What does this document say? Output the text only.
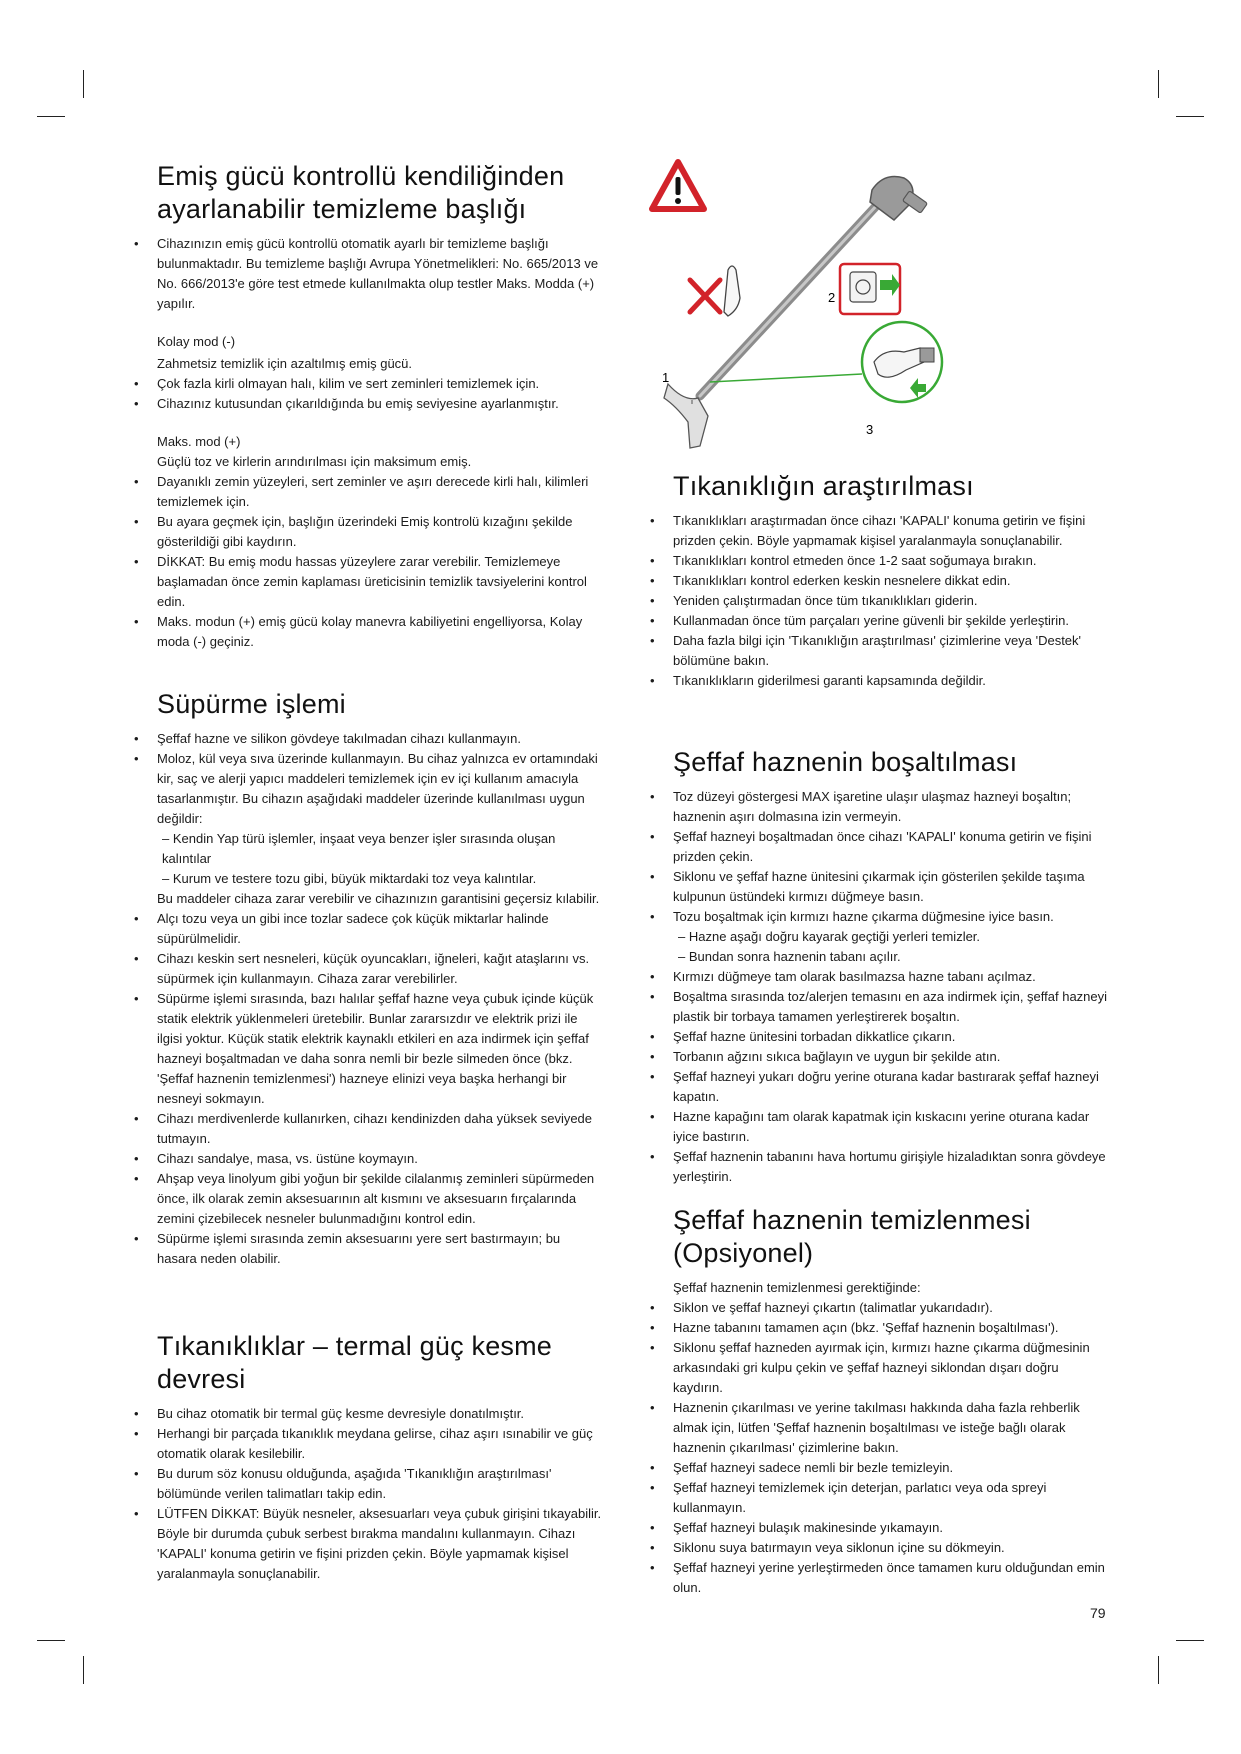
Emiş gücü kontrollü kendiliğinden ayarlanabilir temizleme başlığı
• Cihazınızın emiş gücü kontrollü otomatik ayarlı bir temizleme başlığı bulunmaktadır. Bu temizleme başlığı Avrupa Yönetmelikleri: No. 665/2013 ve No. 666/2013'e göre test etmede kullanılmakta olup testler Maks. Modda (+) yapılır.

Kolay mod (-)

Zahmetsiz temizlik için azaltılmış emiş gücü.

• Çok fazla kirli olmayan halı, kilim ve sert zeminleri temizlemek için.
• Cihazınız kutusundan çıkarıldığında bu emiş seviyesine ayarlanmıştır.

Maks. mod (+)

Güçlü toz ve kirlerin arındırılması için maksimum emiş.

• Dayanıklı zemin yüzeyleri, sert zeminler ve aşırı derecede kirli halı, kilimleri temizlemek için.
• Bu ayara geçmek için, başlığın üzerindeki Emiş kontrolü kızağını şekilde gösterildiği gibi kaydırın.
• DİKKAT: Bu emiş modu hassas yüzeylere zarar verebilir. Temizlemeye başlamadan önce zemin kaplaması üreticisinin temizlik tavsiyelerini kontrol edin.
• Maks. modun (+) emiş gücü kolay manevra kabiliyetini engelliyorsa, Kolay moda (-) geçiniz.
Süpürme işlemi
• Şeffaf hazne ve silikon gövdeye takılmadan cihazı kullanmayın.
• Moloz, kül veya sıva üzerinde kullanmayın. Bu cihaz yalnızca ev ortamındaki kir, saç ve alerji yapıcı maddeleri temizlemek için ev içi kullanım amacıyla tasarlanmıştır. Bu cihazın aşağıdaki maddeler üzerinde kullanılması uygun değildir:
– Kendin Yap türü işlemler, inşaat veya benzer işler sırasında oluşan kalıntılar
– Kurum ve testere tozu gibi, büyük miktardaki toz veya kalıntılar.

Bu maddeler cihaza zarar verebilir ve cihazınızın garantisini geçersiz kılabilir.

• Alçı tozu veya un gibi ince tozlar sadece çok küçük miktarlar halinde süpürülmelidir.
• Cihazı keskin sert nesneleri, küçük oyuncakları, iğneleri, kağıt ataşlarını vs. süpürmek için kullanmayın. Cihaza zarar verebilirler.
• Süpürme işlemi sırasında, bazı halılar şeffaf hazne veya çubuk içinde küçük statik elektrik yüklenmeleri üretebilir. Bunlar zararsızdır ve elektrik prizi ile ilgisi yoktur. Küçük statik elektrik kaynaklı etkileri en aza indirmek için şeffaf hazneyi boşaltmadan ve daha sonra nemli bir bezle silmeden önce (bkz. 'Şeffaf haznenin temizlenmesi') hazneye elinizi veya başka herhangi bir nesneyi sokmayın.
• Cihazı merdivenlerde kullanırken, cihazı kendinizden daha yüksek seviyede tutmayın.
• Cihazı sandalye, masa, vs. üstüne koymayın.
• Ahşap veya linolyum gibi yoğun bir şekilde cilalanmış zeminleri süpürmeden önce, ilk olarak zemin aksesuarının alt kısmını ve aksesuarın fırçalarında zemini çizebilecek nesneler bulunmadığını kontrol edin.
• Süpürme işlemi sırasında zemin aksesuarını yere sert bastırmayın; bu hasara neden olabilir.
Tıkanıklıklar – termal güç kesme devresi
• Bu cihaz otomatik bir termal güç kesme devresiyle donatılmıştır.
• Herhangi bir parçada tıkanıklık meydana gelirse, cihaz aşırı ısınabilir ve güç otomatik olarak kesilebilir.
• Bu durum söz konusu olduğunda, aşağıda 'Tıkanıklığın araştırılması' bölümünde verilen talimatları takip edin.
• LÜTFEN DİKKAT: Büyük nesneler, aksesuarları veya çubuk girişini tıkayabilir. Böyle bir durumda çubuk serbest bırakma mandalını kullanmayın. Cihazı 'KAPALI' konuma getirin ve fişini prizden çekin. Böyle yapmamak kişisel yaralanmayla sonuçlanabilir.
1
2
3
Tıkanıklığın araştırılması
• Tıkanıklıkları araştırmadan önce cihazı 'KAPALI' konuma getirin ve fişini prizden çekin. Böyle yapmamak kişisel yaralanmayla sonuçlanabilir.
• Tıkanıklıkları kontrol etmeden önce 1-2 saat soğumaya bırakın.
• Tıkanıklıkları kontrol ederken keskin nesnelere dikkat edin.
• Yeniden çalıştırmadan önce tüm tıkanıklıkları giderin.
• Kullanmadan önce tüm parçaları yerine güvenli bir şekilde yerleştirin.
• Daha fazla bilgi için 'Tıkanıklığın araştırılması' çizimlerine veya 'Destek' bölümüne bakın.
• Tıkanıklıkların giderilmesi garanti kapsamında değildir.
Şeffaf haznenin boşaltılması
• Toz düzeyi göstergesi MAX işaretine ulaşır ulaşmaz hazneyi boşaltın; haznenin aşırı dolmasına izin vermeyin.
• Şeffaf hazneyi boşaltmadan önce cihazı 'KAPALI' konuma getirin ve fişini prizden çekin.
• Siklonu ve şeffaf hazne ünitesini çıkarmak için gösterilen şekilde taşıma kulpunun üstündeki kırmızı düğmeye basın.
• Tozu boşaltmak için kırmızı hazne çıkarma düğmesine iyice basın.
– Hazne aşağı doğru kayarak geçtiği yerleri temizler.
– Bundan sonra haznenin tabanı açılır.
• Kırmızı düğmeye tam olarak basılmazsa hazne tabanı açılmaz.
• Boşaltma sırasında toz/alerjen temasını en aza indirmek için, şeffaf hazneyi plastik bir torbaya tamamen yerleştirerek boşaltın.
• Şeffaf hazne ünitesini torbadan dikkatlice çıkarın.
• Torbanın ağzını sıkıca bağlayın ve uygun bir şekilde atın.
• Şeffaf hazneyi yukarı doğru yerine oturana kadar bastırarak şeffaf hazneyi kapatın.
• Hazne kapağını tam olarak kapatmak için kıskacını yerine oturana kadar iyice bastırın.
• Şeffaf haznenin tabanını hava hortumu girişiyle hizaladıktan sonra gövdeye yerleştirin.
Şeffaf haznenin temizlenmesi (Opsiyonel)

Şeffaf haznenin temizlenmesi gerektiğinde:

• Siklon ve şeffaf hazneyi çıkartın (talimatlar yukarıdadır).
• Hazne tabanını tamamen açın (bkz. 'Şeffaf haznenin boşaltılması').
• Siklonu şeffaf hazneden ayırmak için, kırmızı hazne çıkarma düğmesinin arkasındaki gri kulpu çekin ve şeffaf hazneyi siklondan dışarı doğru kaydırın.
• Haznenin çıkarılması ve yerine takılması hakkında daha fazla rehberlik almak için, lütfen 'Şeffaf haznenin boşaltılması ve isteğe bağlı olarak haznenin çıkarılması' çizimlerine bakın.
• Şeffaf hazneyi sadece nemli bir bezle temizleyin.
• Şeffaf hazneyi temizlemek için deterjan, parlatıcı veya oda spreyi kullanmayın.
• Şeffaf hazneyi bulaşık makinesinde yıkamayın.
• Siklonu suya batırmayın veya siklonun içine su dökmeyin.
• Şeffaf hazneyi yerine yerleştirmeden önce tamamen kuru olduğundan emin olun.
79
